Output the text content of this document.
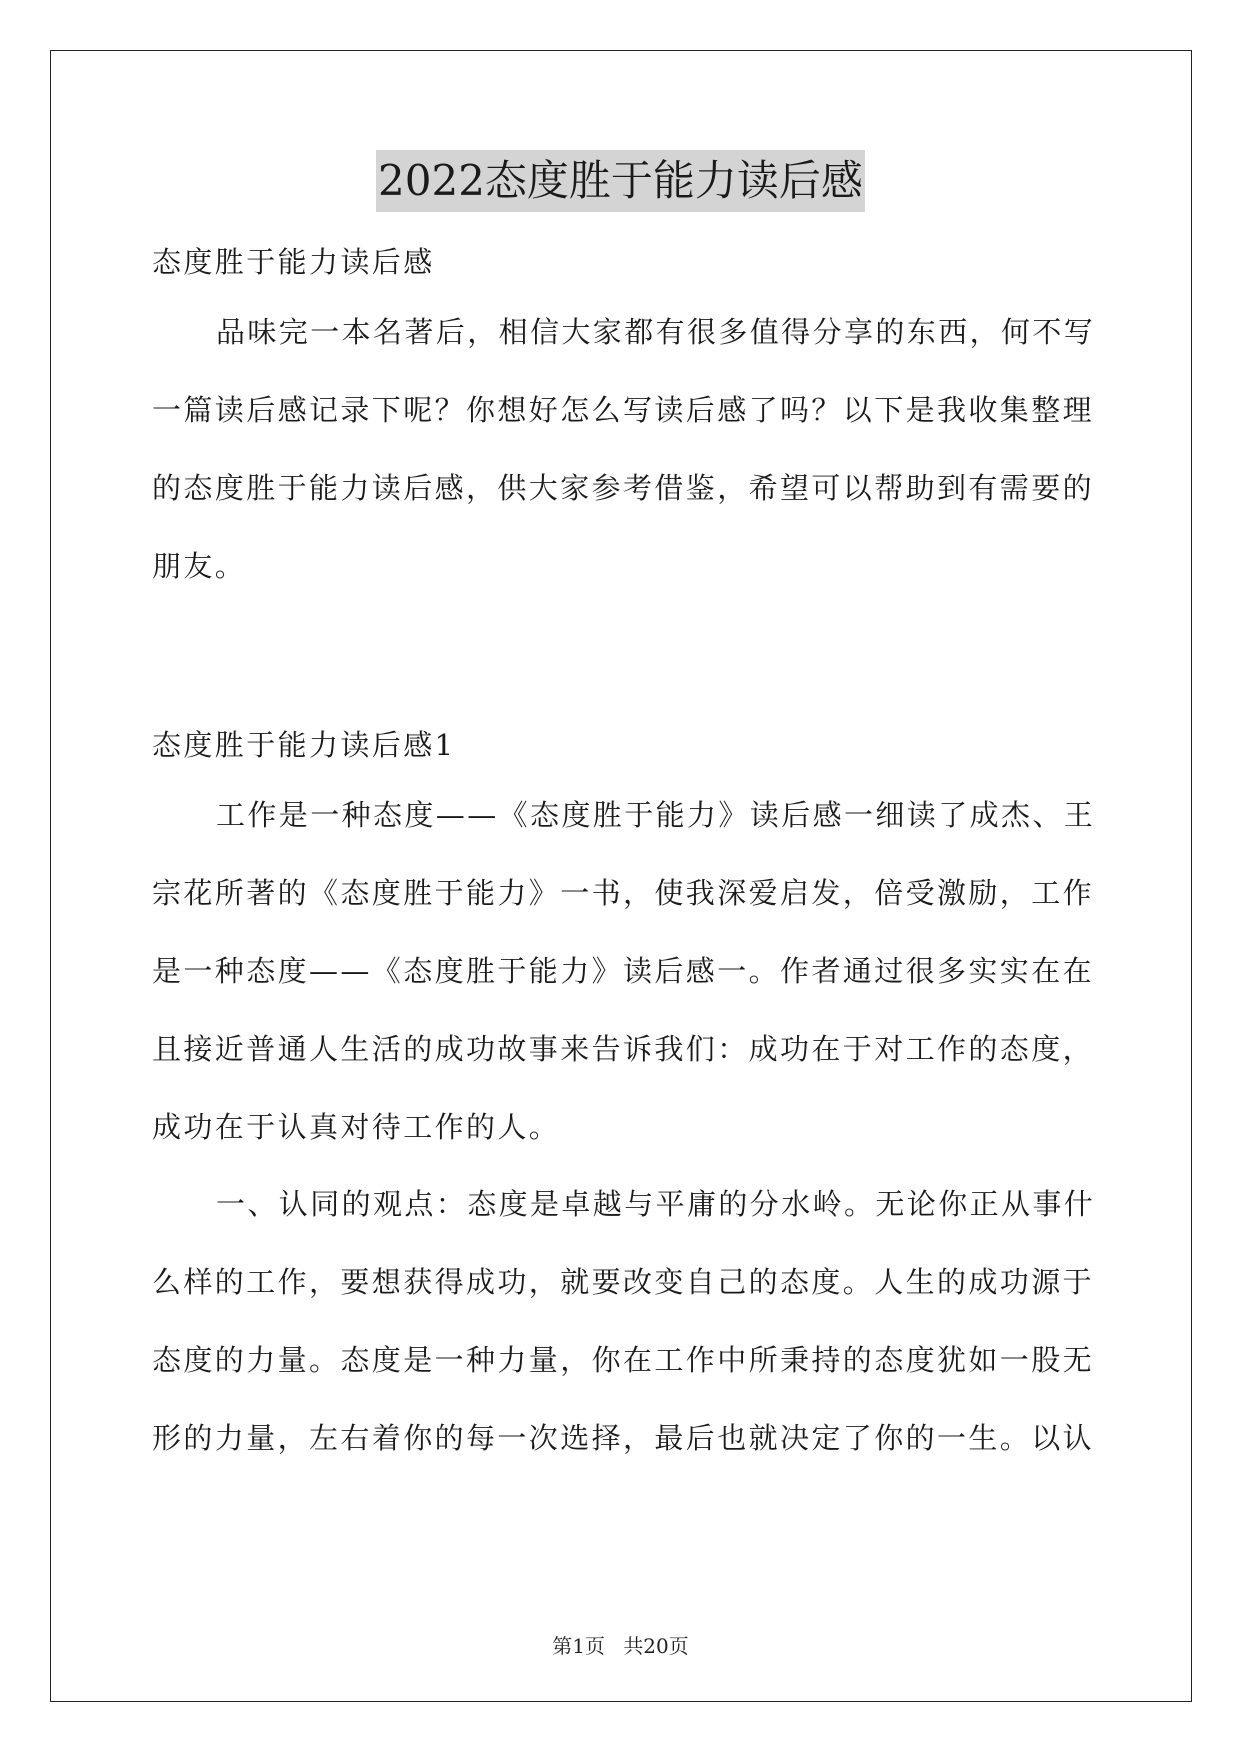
2022态度胜于能力读后感
态度胜于能力读后感
品味完一本名著后，相信大家都有很多值得分享的东西，何不写
一篇读后感记录下呢？你想好怎么写读后感了吗？以下是我收集整理
的态度胜于能力读后感，供大家参考借鉴，希望可以帮助到有需要的
朋友。
态度胜于能力读后感1
工作是一种态度——《态度胜于能力》读后感一细读了成杰、王
宗花所著的《态度胜于能力》一书，使我深爱启发，倍受激励，工作
是一种态度——《态度胜于能力》读后感一。作者通过很多实实在在
且接近普通人生活的成功故事来告诉我们：成功在于对工作的态度，
成功在于认真对待工作的人。
一、认同的观点：态度是卓越与平庸的分水岭。无论你正从事什
么样的工作，要想获得成功，就要改变自己的态度。人生的成功源于
态度的力量。态度是一种力量，你在工作中所秉持的态度犹如一股无
形的力量，左右着你的每一次选择，最后也就决定了你的一生。以认
第1页 共20页
